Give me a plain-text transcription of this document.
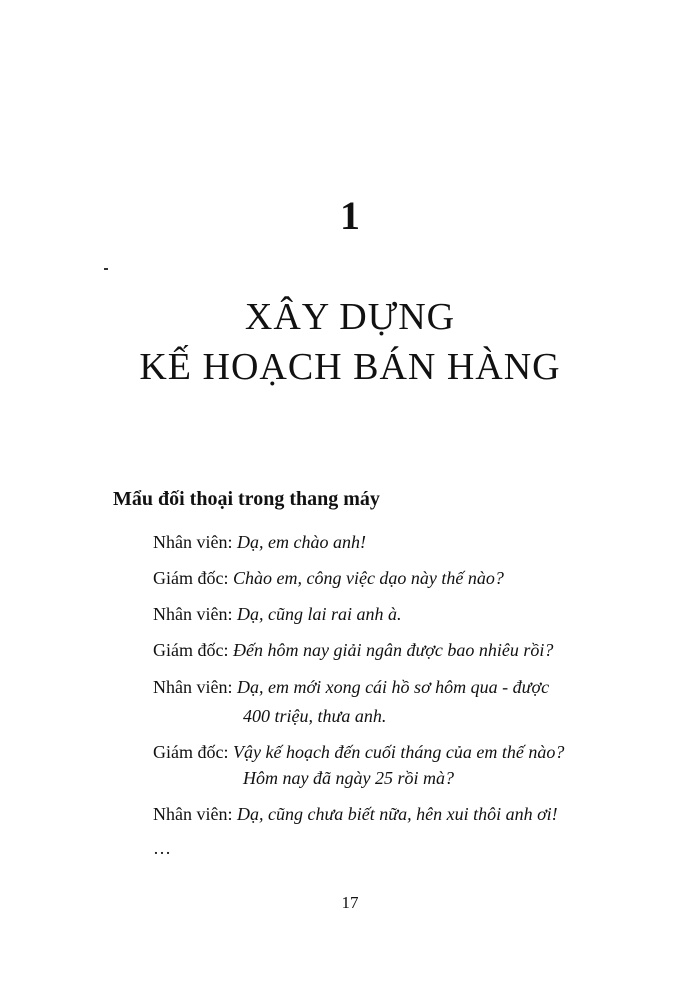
1
XÂY DỰNG
KẾ HOẠCH BÁN HÀNG
Mẩu đối thoại trong thang máy
Nhân viên: Dạ, em chào anh!
Giám đốc: Chào em, công việc dạo này thế nào?
Nhân viên: Dạ, cũng lai rai anh à.
Giám đốc: Đến hôm nay giải ngân được bao nhiêu rồi?
Nhân viên: Dạ, em mới xong cái hồ sơ hôm qua - được
400 triệu, thưa anh.
Giám đốc: Vậy kế hoạch đến cuối tháng của em thế nào?
Hôm nay đã ngày 25 rồi mà?
Nhân viên: Dạ, cũng chưa biết nữa, hên xui thôi anh ơi!
…
17
